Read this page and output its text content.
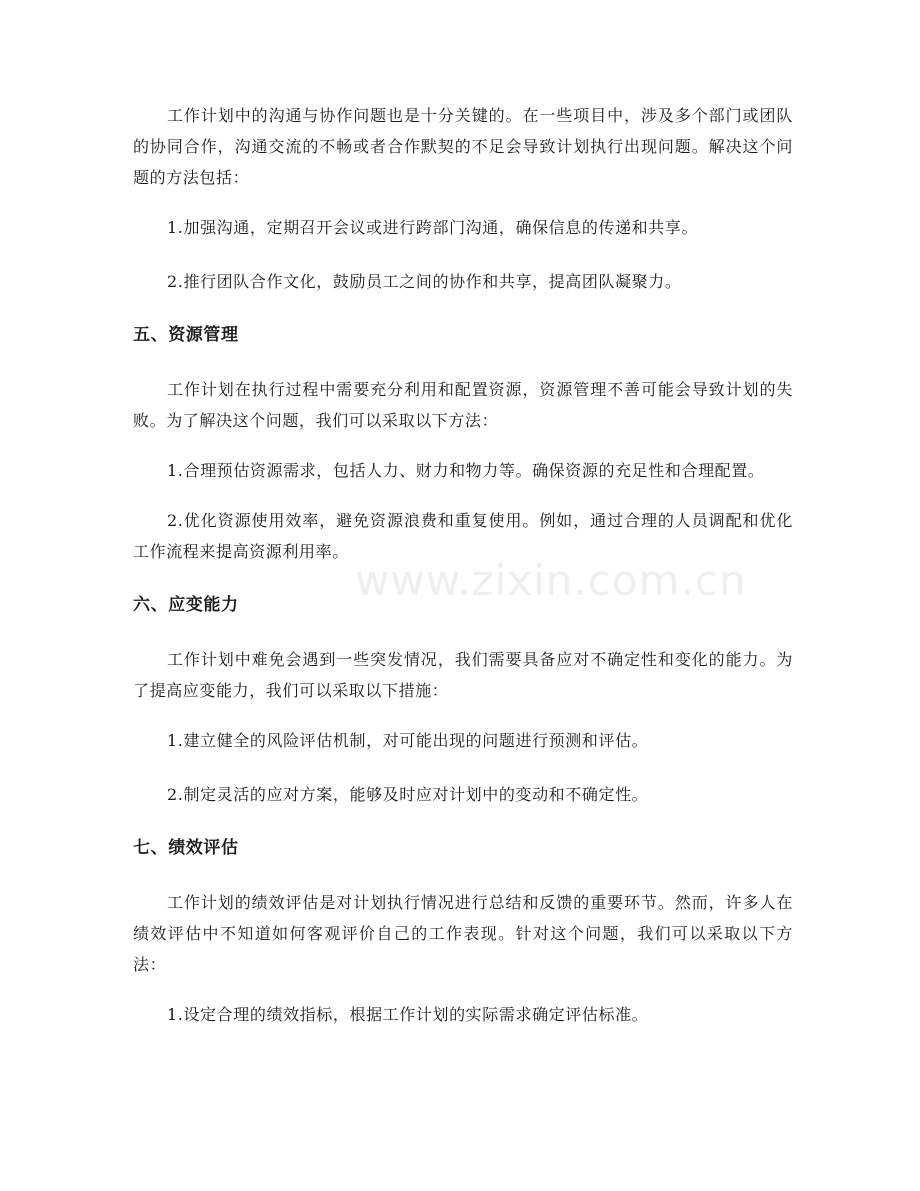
工作计划中的沟通与协作问题也是十分关键的。在一些项目中，涉及多个部门或团队的协同合作，沟通交流的不畅或者合作默契的不足会导致计划执行出现问题。解决这个问题的方法包括：

1.加强沟通，定期召开会议或进行跨部门沟通，确保信息的传递和共享。

2.推行团队合作文化，鼓励员工之间的协作和共享，提高团队凝聚力。

五、资源管理

工作计划在执行过程中需要充分利用和配置资源，资源管理不善可能会导致计划的失败。为了解决这个问题，我们可以采取以下方法：

1.合理预估资源需求，包括人力、财力和物力等。确保资源的充足性和合理配置。

2.优化资源使用效率，避免资源浪费和重复使用。例如，通过合理的人员调配和优化工作流程来提高资源利用率。

六、应变能力

工作计划中难免会遇到一些突发情况，我们需要具备应对不确定性和变化的能力。为了提高应变能力，我们可以采取以下措施：

1.建立健全的风险评估机制，对可能出现的问题进行预测和评估。

2.制定灵活的应对方案，能够及时应对计划中的变动和不确定性。

七、绩效评估

工作计划的绩效评估是对计划执行情况进行总结和反馈的重要环节。然而，许多人在绩效评估中不知道如何客观评价自己的工作表现。针对这个问题，我们可以采取以下方法：

1.设定合理的绩效指标，根据工作计划的实际需求确定评估标准。

www.zixin.com.cn
